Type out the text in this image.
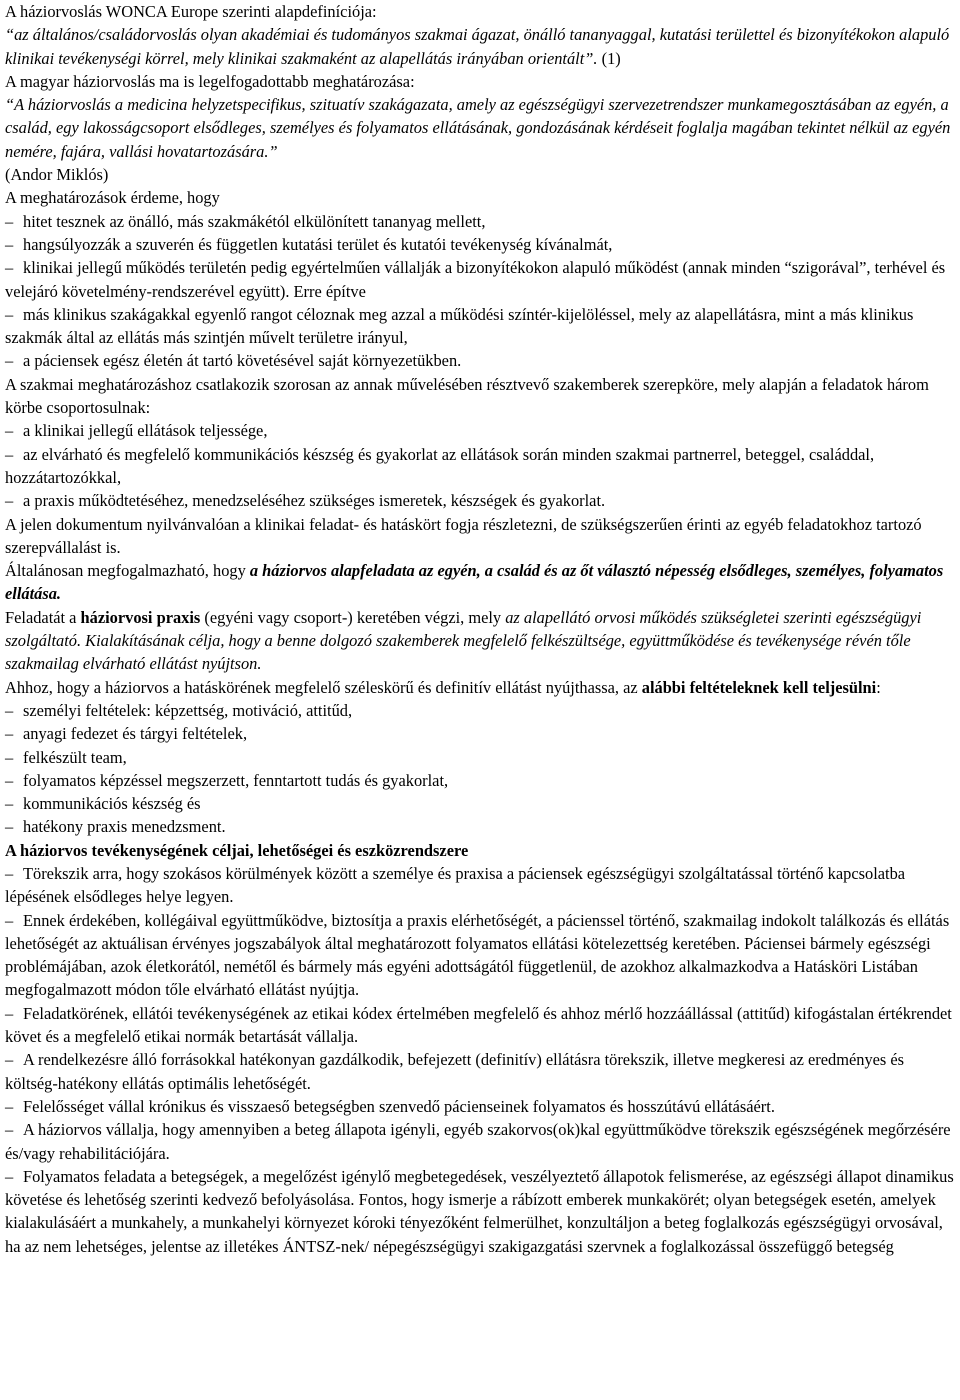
A háziorvoslás WONCA Europe szerinti alapdefiníciója:
“az általános/családorvoslás olyan akadémiai és tudományos szakmai ágazat, önálló tananyaggal, kutatási területtel és bizonyítékokon alapuló klinikai tevékenységi körrel, mely klinikai szakmaként az alapellátás irányában orientált”. (1)

A magyar háziorvoslás ma is legelfogadottabb meghatározása:
“A háziorvoslás a medicina helyzetspecifikus, szituatív szakágazata, amely az egészségügyi szervezetrendszer munkamegosztásában az egyén, a család, egy lakosságcsoport elsődleges, személyes és folyamatos ellátásának, gondozásának kérdéseit foglalja magában tekintet nélkül az egyén nemére, fajára, vallási hovatartozására.”
(Andor Miklós)

A meghatározások érdeme, hogy

– hitet tesznek az önálló, más szakmákétól elkülönített tananyag mellett,

– hangsúlyozzák a szuverén és független kutatási terület és kutatói tevékenység kívánalmát,

– klinikai jellegű működés területén pedig egyértelműen vállalják a bizonyítékokon alapuló működést (annak minden “szigorával”, terhével és velejáró követelmény-rendszerével együtt). Erre építve

– más klinikus szakágakkal egyenlő rangot céloznak meg azzal a működési színtér-kijelöléssel, mely az alapellátásra, mint a más klinikus szakmák által az ellátás más szintjén művelt területre irányul,

– a páciensek egész életén át tartó követésével saját környezetükben.

A szakmai meghatározáshoz csatlakozik szorosan az annak művelésében résztvevő szakemberek szerepköre, mely alapján a feladatok három körbe csoportosulnak:

– a klinikai jellegű ellátások teljessége,

– az elvárható és megfelelő kommunikációs készség és gyakorlat az ellátások során minden szakmai partnerrel, beteggel, családdal, hozzátartozókkal,

– a praxis működtetéséhez, menedzseléséhez szükséges ismeretek, készségek és gyakorlat.

A jelen dokumentum nyilvánvalóan a klinikai feladat- és hatáskört fogja részletezni, de szükségszerűen érinti az egyéb feladatokhoz tartozó szerepvállalást is.

Általánosan megfogalmazható, hogy a háziorvos alapfeladata az egyén, a család és az őt választó népesség elsődleges, személyes, folyamatos ellátása.

Feladatát a háziorvosi praxis (egyéni vagy csoport-) keretében végzi, mely az alapellátó orvosi működés szükségletei szerinti egészségügyi szolgáltató. Kialakításának célja, hogy a benne dolgozó szakemberek megfelelő felkészültsége, együttműködése és tevékenysége révén tőle szakmailag elvárható ellátást nyújtson.

Ahhoz, hogy a háziorvos a hatáskörének megfelelő széleskörű és definitív ellátást nyújthassa, az alábbi feltételeknek kell teljesülni:

– személyi feltételek: képzettség, motiváció, attitűd,

– anyagi fedezet és tárgyi feltételek,

– felkészült team,

– folyamatos képzéssel megszerzett, fenntartott tudás és gyakorlat,

– kommunikációs készség és

– hatékony praxis menedzsment.

A háziorvos tevékenységének céljai, lehetőségei és eszközrendszere

– Törekszik arra, hogy szokásos körülmények között a személye és praxisa a páciensek egészségügyi szolgáltatással történő kapcsolatba lépésének elsődleges helye legyen.

– Ennek érdekében, kollégáival együttműködve, biztosítja a praxis elérhetőségét, a pácienssel történő, szakmailag indokolt találkozás és ellátás lehetőségét az aktuálisan érvényes jogszabályok által meghatározott folyamatos ellátási kötelezettség keretében. Páciensei bármely egészségi problémájában, azok életkorától, nemétől és bármely más egyéni adottságától függetlenül, de azokhoz alkalmazkodva a Hatásköri Listában megfogalmazott módon tőle elvárható ellátást nyújtja.

– Feladatkörének, ellátói tevékenységének az etikai kódex értelmében megfelelő és ahhoz mérlő hozzáállással (attitűd) kifogástalan értékrendet követ és a megfelelő etikai normák betartását vállalja.

– A rendelkezésre álló forrásokkal hatékonyan gazdálkodik, befejezett (definitív) ellátásra törekszik, illetve megkeresi az eredményes és költség-hatékony ellátás optimális lehetőségét.

– Felelősséget vállal krónikus és visszaeső betegségben szenvedő pácienseinek folyamatos és hosszútávú ellátásáért.

– A háziorvos vállalja, hogy amennyiben a beteg állapota igényli, egyéb szakorvos(ok)kal együttműködve törekszik egészségének megőrzésére és/vagy rehabilitációjára.

– Folyamatos feladata a betegségek, a megelőzést igénylő megbetegedések, veszélyeztető állapotok felismerése, az egészségi állapot dinamikus követése és lehetőség szerinti kedvező befolyásolása. Fontos, hogy ismerje a rábízott emberek munkakörét; olyan betegségek esetén, amelyek kialakulásáért a munkahely, a munkahelyi környezet kóroki tényezőként felmerülhet, konzultáljon a beteg foglalkozás egészségügyi orvosával, ha az nem lehetséges, jelentse az illetékes ÁNTSZ-nek/ népegészségügyi szakigazgatási szervnek a foglalkozással összefüggő betegség
